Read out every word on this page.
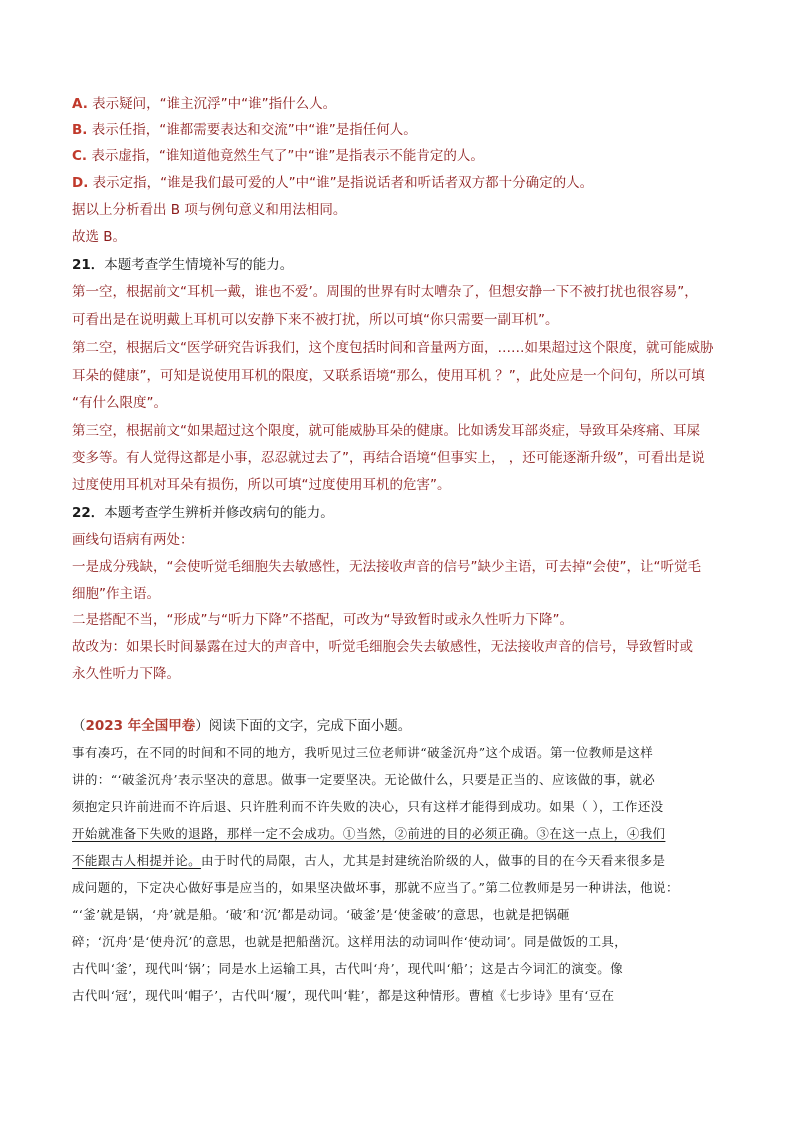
A. 表示疑问，“谁主沉浮”中“谁”指什么人。
B. 表示任指，“谁都需要表达和交流”中“谁”是指任何人。
C. 表示虚指，“谁知道他竟然生气了”中“谁”是指表示不能肯定的人。
D. 表示定指，“谁是我们最可爱的人”中“谁”是指说话者和听话者双方都十分确定的人。
据以上分析看出 B 项与例句意义和用法相同。
故选 B。
21．本题考查学生情境补写的能力。
第一空，根据前文“耳机一戴，谁也不爱’。周围的世界有时太嘈杂了，但想安静一下不被打扰也很容易”，
可看出是在说明戴上耳机可以安静下来不被打扰，所以可填“你只需要一副耳机”。
第二空，根据后文“医学研究告诉我们，这个度包括时间和音量两方面，……如果超过这个限度，就可能威胁
耳朵的健康”，可知是说使用耳机的限度，又联系语境“那么，使用耳机 ？”，此处应是一个问句，所以可填
“有什么限度”。
第三空，根据前文“如果超过这个限度，就可能威胁耳朵的健康。比如诱发耳部炎症，导致耳朵疼痛、耳屎
变多等。有人觉得这都是小事，忍忍就过去了”，再结合语境“但事实上， ，还可能逐渐升级”，可看出是说
过度使用耳机对耳朵有损伤，所以可填“过度使用耳机的危害”。
22．本题考查学生辨析并修改病句的能力。
画线句语病有两处：
一是成分残缺，“会使听觉毛细胞失去敏感性，无法接收声音的信号”缺少主语，可去掉“会使”，让“听觉毛
细胞”作主语。
二是搭配不当，“形成”与“听力下降”不搭配，可改为“导致暂时或永久性听力下降”。
故改为：如果长时间暴露在过大的声音中，听觉毛细胞会失去敏感性，无法接收声音的信号，导致暂时或
永久性听力下降。
（2023 年全国甲卷）阅读下面的文字，完成下面小题。
事有凑巧，在不同的时间和不同的地方，我听见过三位老师讲“破釜沉舟”这个成语。第一位教师是这样
讲的：“‘破釜沉舟’表示坚决的意思。做事一定要坚决。无论做什么，只要是正当的、应该做的事，就必
须抱定只许前进而不许后退、只许胜利而不许失败的决心，只有这样才能得到成功。如果（ ），工作还没
开始就准备下失败的退路，那样一定不会成功。①当然，②前进的目的必须正确。③在这一点上，④我们
不能跟古人相提并论。由于时代的局限，古人，尤其是封建统治阶级的人，做事的目的在今天看来很多是
成问题的，下定决心做好事是应当的，如果坚决做坏事，那就不应当了。”第二位教师是另一种讲法，他说：
“‘釜’就是锅，‘舟’就是船。‘破’和‘沉’都是动词。‘破釜’是‘使釜破’的意思，也就是把锅砸
碎；‘沉舟’是‘使舟沉’的意思，也就是把船凿沉。这样用法的动词叫作‘使动词’。同是做饭的工具，
古代叫‘釜’，现代叫‘锅’；同是水上运输工具，古代叫‘舟’，现代叫‘船’；这是古今词汇的演变。像
古代叫‘冠’，现代叫‘帽子’，古代叫‘履’，现代叫‘鞋’，都是这种情形。曹植《七步诗》里有‘豆在
